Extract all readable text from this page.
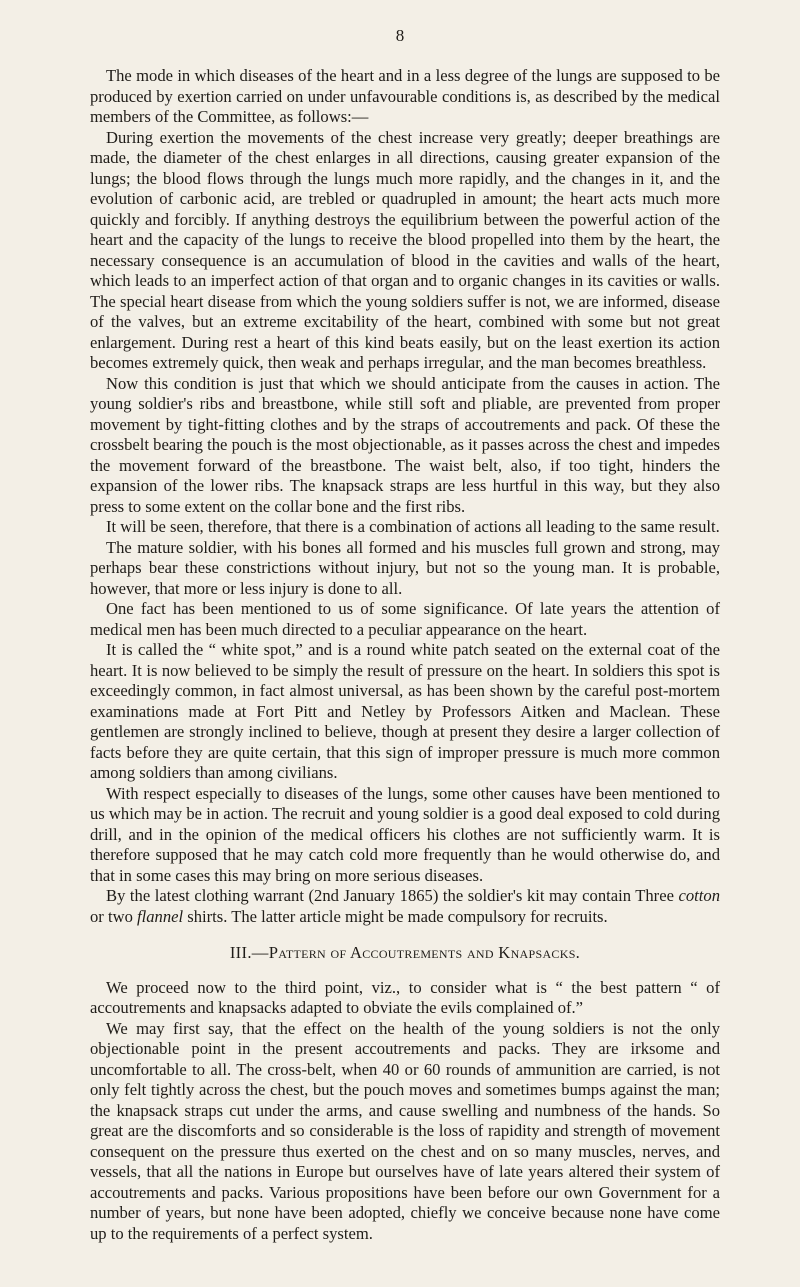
8

The mode in which diseases of the heart and in a less degree of the lungs are supposed to be produced by exertion carried on under unfavourable conditions is, as described by the medical members of the Committee, as follows:—

During exertion the movements of the chest increase very greatly; deeper breathings are made, the diameter of the chest enlarges in all directions, causing greater expansion of the lungs; the blood flows through the lungs much more rapidly, and the changes in it, and the evolution of carbonic acid, are trebled or quadrupled in amount; the heart acts much more quickly and forcibly. If anything destroys the equilibrium between the powerful action of the heart and the capacity of the lungs to receive the blood propelled into them by the heart, the necessary consequence is an accumulation of blood in the cavities and walls of the heart, which leads to an imperfect action of that organ and to organic changes in its cavities or walls. The special heart disease from which the young soldiers suffer is not, we are informed, disease of the valves, but an extreme excitability of the heart, combined with some but not great enlargement. During rest a heart of this kind beats easily, but on the least exertion its action becomes extremely quick, then weak and perhaps irregular, and the man becomes breathless.

Now this condition is just that which we should anticipate from the causes in action. The young soldier's ribs and breastbone, while still soft and pliable, are prevented from proper movement by tight-fitting clothes and by the straps of accoutrements and pack. Of these the crossbelt bearing the pouch is the most objectionable, as it passes across the chest and impedes the movement forward of the breastbone. The waist belt, also, if too tight, hinders the expansion of the lower ribs. The knapsack straps are less hurtful in this way, but they also press to some extent on the collar bone and the first ribs.

It will be seen, therefore, that there is a combination of actions all leading to the same result.

The mature soldier, with his bones all formed and his muscles full grown and strong, may perhaps bear these constrictions without injury, but not so the young man. It is probable, however, that more or less injury is done to all.

One fact has been mentioned to us of some significance. Of late years the attention of medical men has been much directed to a peculiar appearance on the heart.

It is called the “ white spot,” and is a round white patch seated on the external coat of the heart. It is now believed to be simply the result of pressure on the heart. In soldiers this spot is exceedingly common, in fact almost universal, as has been shown by the careful post-mortem examinations made at Fort Pitt and Netley by Professors Aitken and Maclean. These gentlemen are strongly inclined to believe, though at present they desire a larger collection of facts before they are quite certain, that this sign of improper pressure is much more common among soldiers than among civilians.

With respect especially to diseases of the lungs, some other causes have been mentioned to us which may be in action. The recruit and young soldier is a good deal exposed to cold during drill, and in the opinion of the medical officers his clothes are not sufficiently warm. It is therefore supposed that he may catch cold more frequently than he would otherwise do, and that in some cases this may bring on more serious diseases.

By the latest clothing warrant (2nd January 1865) the soldier's kit may contain Three cotton or two flannel shirts. The latter article might be made compulsory for recruits.

III.—Pattern of Accoutrements and Knapsacks.

We proceed now to the third point, viz., to consider what is “ the best pattern “ of accoutrements and knapsacks adapted to obviate the evils complained of.”

We may first say, that the effect on the health of the young soldiers is not the only objectionable point in the present accoutrements and packs. They are irksome and uncomfortable to all. The cross-belt, when 40 or 60 rounds of ammunition are carried, is not only felt tightly across the chest, but the pouch moves and sometimes bumps against the man; the knapsack straps cut under the arms, and cause swelling and numbness of the hands. So great are the discomforts and so considerable is the loss of rapidity and strength of movement consequent on the pressure thus exerted on the chest and on so many muscles, nerves, and vessels, that all the nations in Europe but ourselves have of late years altered their system of accoutrements and packs. Various propositions have been before our own Government for a number of years, but none have been adopted, chiefly we conceive because none have come up to the requirements of a perfect system.
